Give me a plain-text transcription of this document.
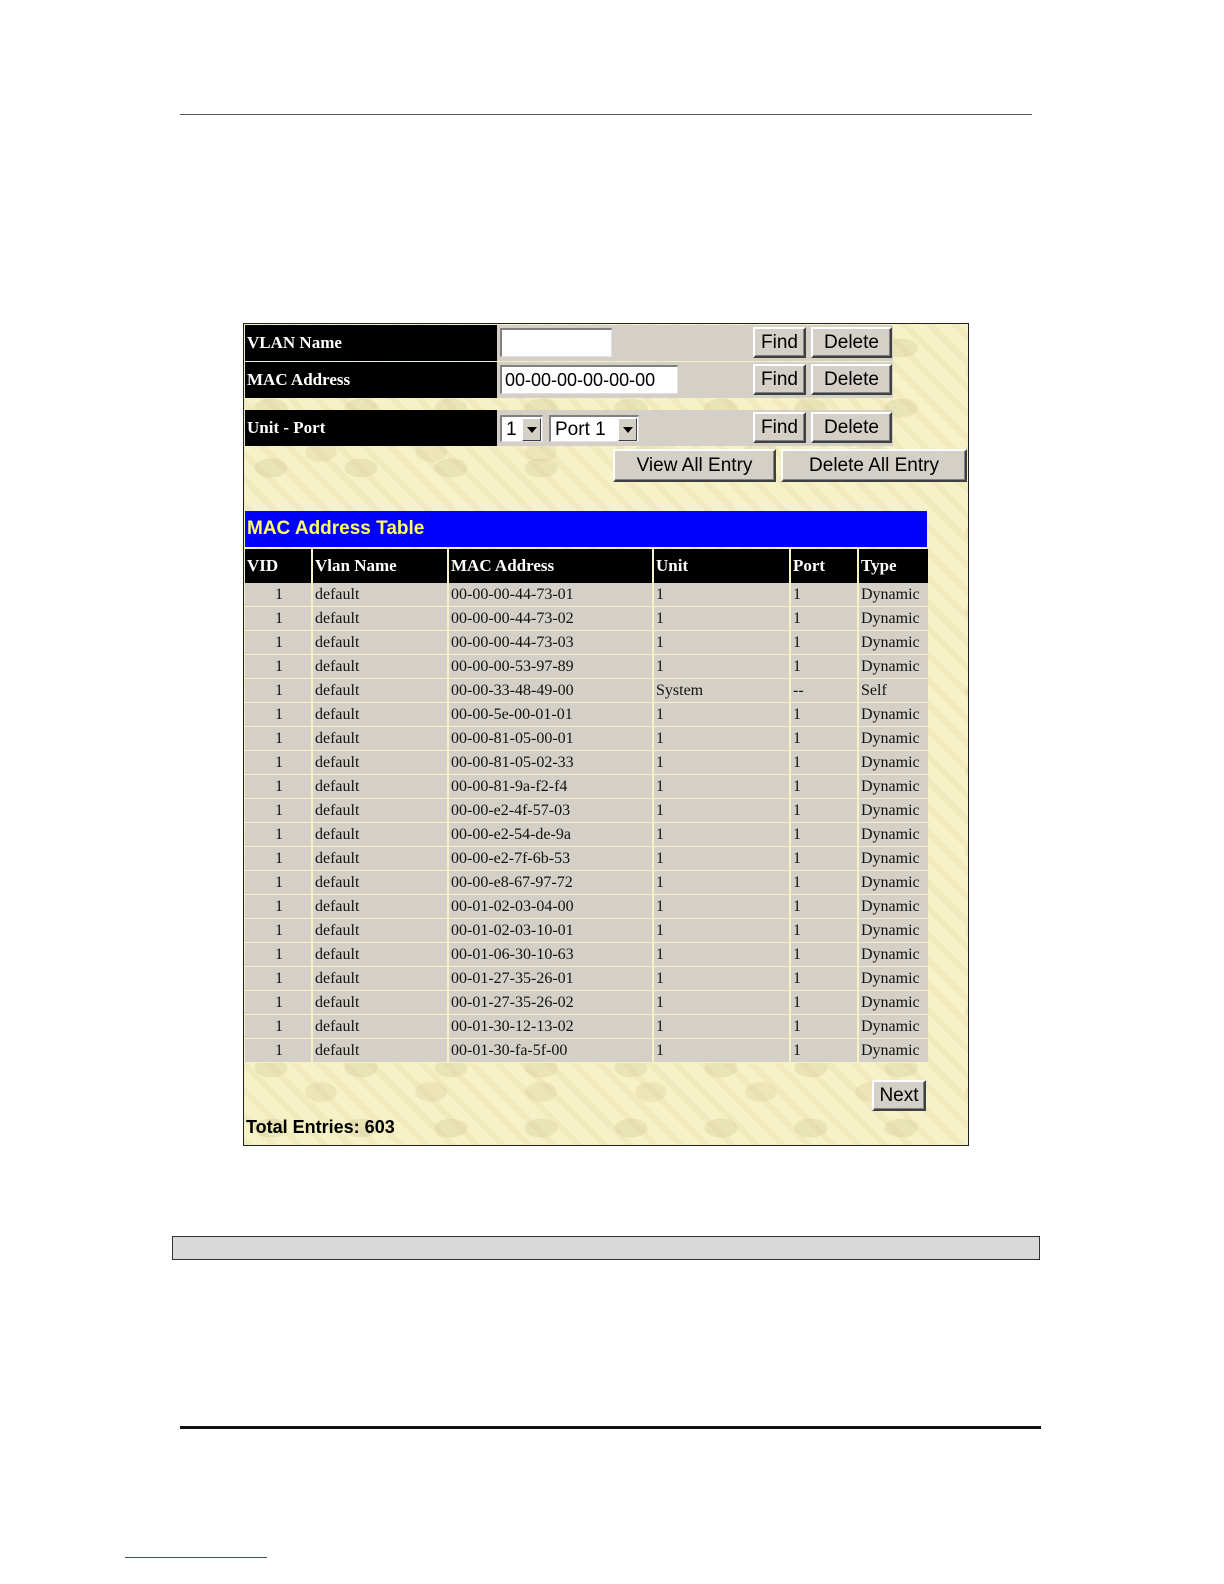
VLAN Name	Find	Delete
MAC Address	00-00-00-00-00-00	Find	Delete
Unit - Port	1	Port 1	Find	Delete
View All Entry	Delete All Entry
MAC Address Table
VID	Vlan Name	MAC Address	Unit	Port	Type
1	default	00-00-00-44-73-01	1	1	Dynamic
1	default	00-00-00-44-73-02	1	1	Dynamic
1	default	00-00-00-44-73-03	1	1	Dynamic
1	default	00-00-00-53-97-89	1	1	Dynamic
1	default	00-00-33-48-49-00	System	--	Self
1	default	00-00-5e-00-01-01	1	1	Dynamic
1	default	00-00-81-05-00-01	1	1	Dynamic
1	default	00-00-81-05-02-33	1	1	Dynamic
1	default	00-00-81-9a-f2-f4	1	1	Dynamic
1	default	00-00-e2-4f-57-03	1	1	Dynamic
1	default	00-00-e2-54-de-9a	1	1	Dynamic
1	default	00-00-e2-7f-6b-53	1	1	Dynamic
1	default	00-00-e8-67-97-72	1	1	Dynamic
1	default	00-01-02-03-04-00	1	1	Dynamic
1	default	00-01-02-03-10-01	1	1	Dynamic
1	default	00-01-06-30-10-63	1	1	Dynamic
1	default	00-01-27-35-26-01	1	1	Dynamic
1	default	00-01-27-35-26-02	1	1	Dynamic
1	default	00-01-30-12-13-02	1	1	Dynamic
1	default	00-01-30-fa-5f-00	1	1	Dynamic
Next
Total Entries: 603
